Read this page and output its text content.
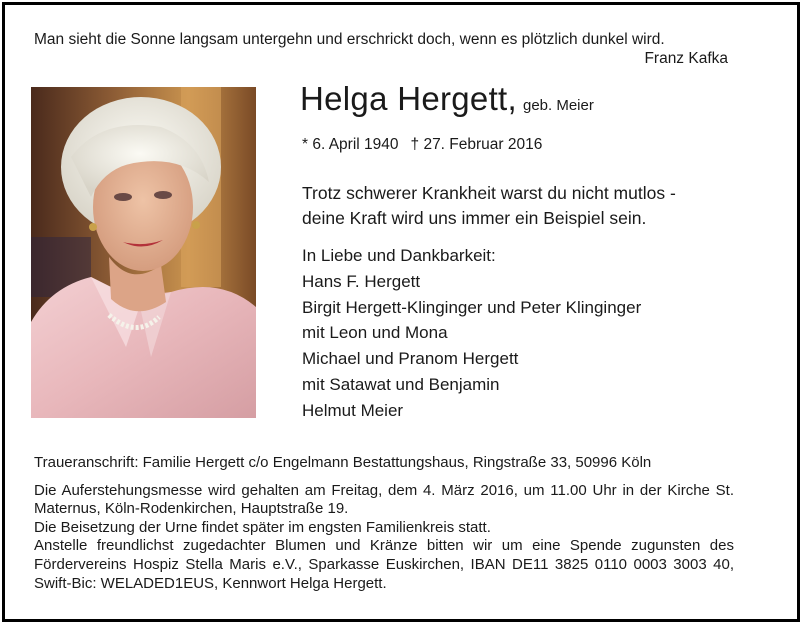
Man sieht die Sonne langsam untergehn und erschrickt doch, wenn es plötzlich dunkel wird.
Franz Kafka
Helga Hergett, geb. Meier
* 6. April 1940 † 27. Februar 2016
Trotz schwerer Krankheit warst du nicht mutlos -
deine Kraft wird uns immer ein Beispiel sein.
In Liebe und Dankbarkeit:
Hans F. Hergett
Birgit Hergett-Klinginger und Peter Klinginger
mit Leon und Mona
Michael und Pranom Hergett
mit Satawat und Benjamin
Helmut Meier

Traueranschrift: Familie Hergett c/o Engelmann Bestattungshaus, Ringstraße 33, 50996 Köln

Die Auferstehungsmesse wird gehalten am Freitag, dem 4. März 2016, um 11.00 Uhr in der Kirche St. Maternus, Köln-Rodenkirchen, Hauptstraße 19.

Die Beisetzung der Urne findet später im engsten Familienkreis statt.

Anstelle freundlichst zugedachter Blumen und Kränze bitten wir um eine Spende zugunsten des Fördervereins Hospiz Stella Maris e.V., Sparkasse Euskirchen, IBAN DE11 3825 0110 0003 3003 40, Swift-Bic: WELADED1EUS, Kennwort Helga Hergett.
